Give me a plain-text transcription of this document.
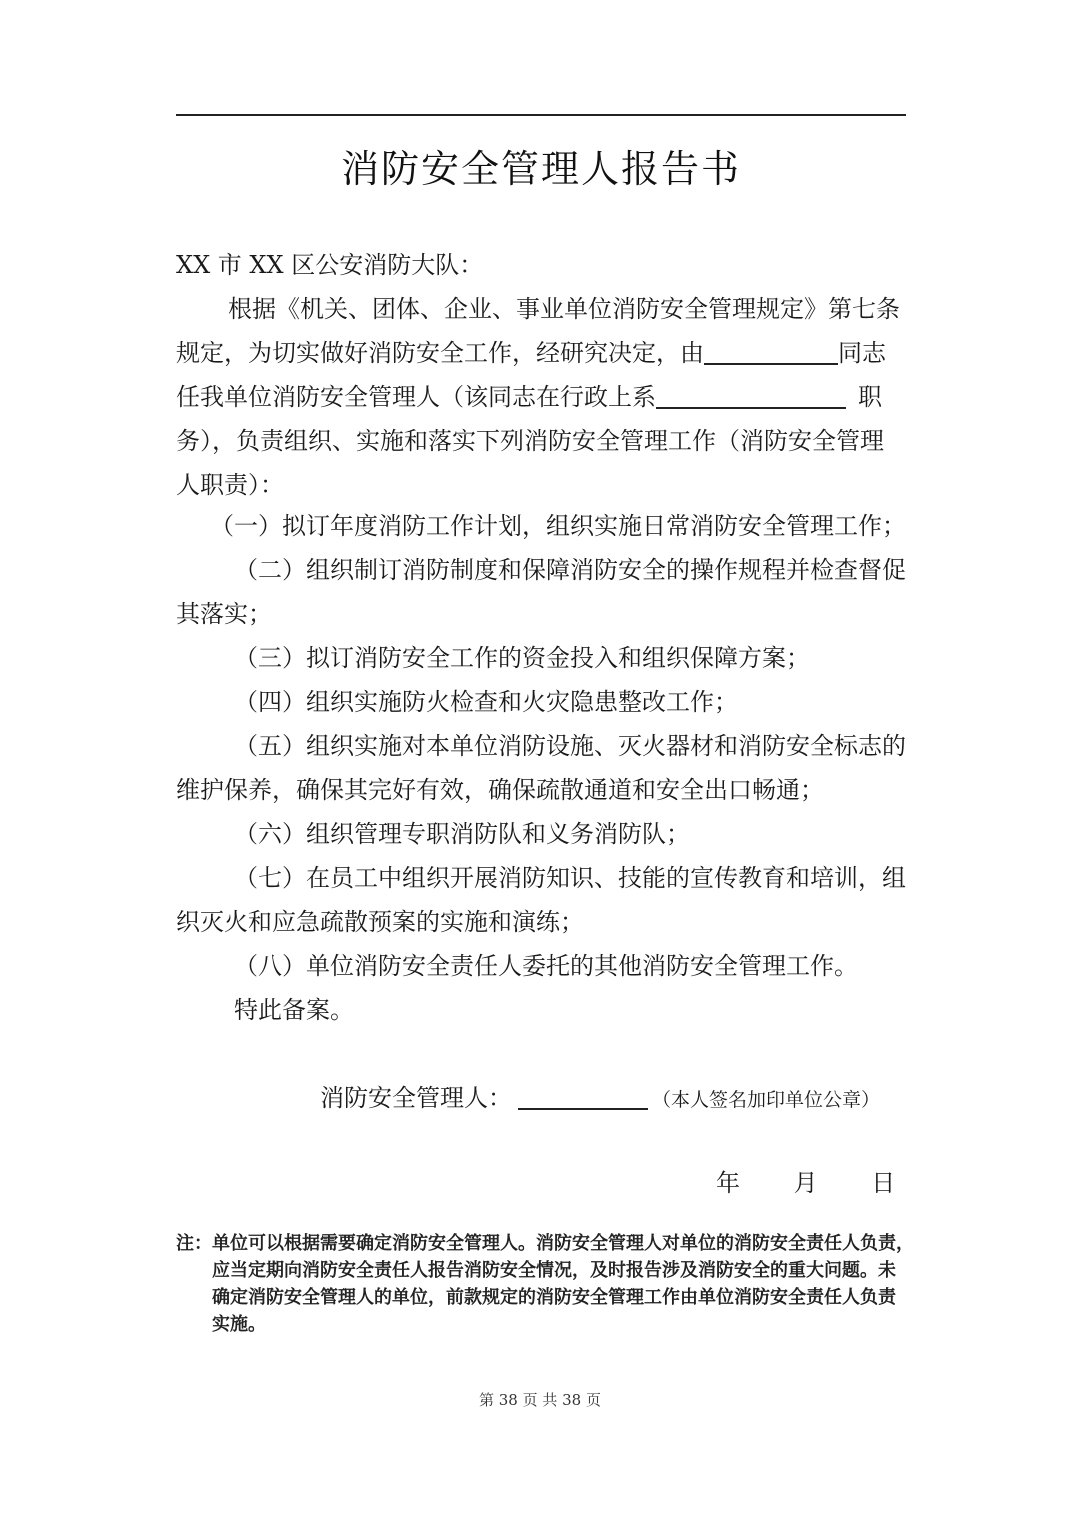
消防安全管理人报告书
XX 市 XX 区公安消防大队：
根据《机关、团体、企业、事业单位消防安全管理规定》第七条
规定，为切实做好消防安全工作，经研究决定，由	同志
任我单位消防安全管理人（该同志在行政上系	职
务），负责组织、实施和落实下列消防安全管理工作（消防安全管理
人职责）：
（一）拟订年度消防工作计划，组织实施日常消防安全管理工作；
（二）组织制订消防制度和保障消防安全的操作规程并检查督促
其落实；
（三）拟订消防安全工作的资金投入和组织保障方案；
（四）组织实施防火检查和火灾隐患整改工作；
（五）组织实施对本单位消防设施、灭火器材和消防安全标志的
维护保养，确保其完好有效，确保疏散通道和安全出口畅通；
（六）组织管理专职消防队和义务消防队；
（七）在员工中组织开展消防知识、技能的宣传教育和培训，组
织灭火和应急疏散预案的实施和演练；
（八）单位消防安全责任人委托的其他消防安全管理工作。
特此备案。
消防安全管理人：	（本人签名加印单位公章）
年 月 日
注：单位可以根据需要确定消防安全管理人。消防安全管理人对单位的消防安全责任人负责，
应当定期向消防安全责任人报告消防安全情况，及时报告涉及消防安全的重大问题。未
确定消防安全管理人的单位，前款规定的消防安全管理工作由单位消防安全责任人负责
实施。
第 38 页 共 38 页
